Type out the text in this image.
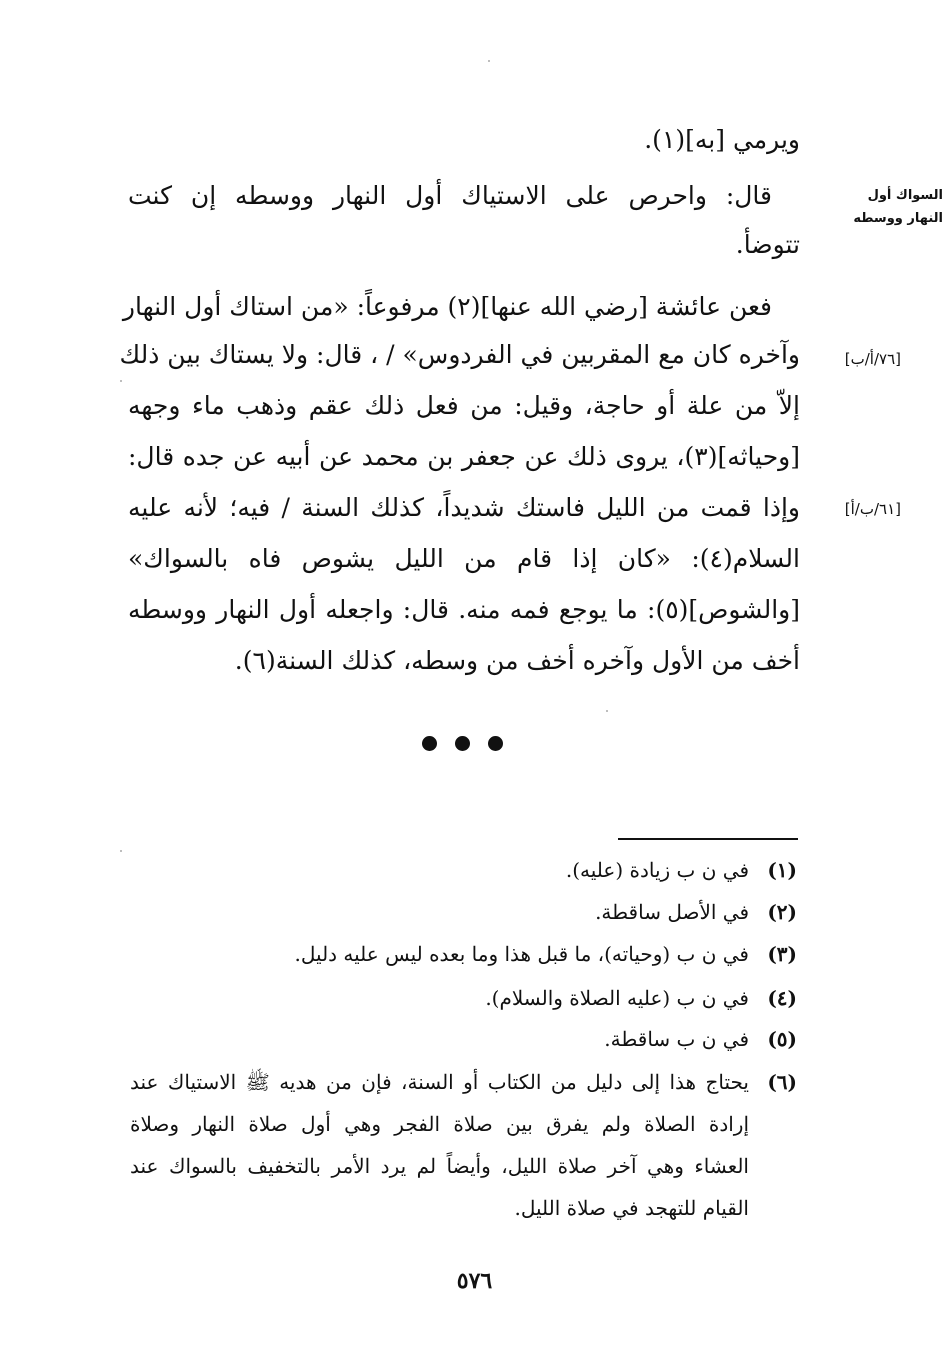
ويرمي [به](١).
قال: واحرص على الاستياك أول النهار ووسطه إن كنت
تتوضأ.
فعن عائشة [رضي الله عنها](٢) مرفوعاً: «من استاك أول النهار
وآخره كان مع المقربين في الفردوس» / ، قال: ولا يستاك بين ذلك
إلاّ من علة أو حاجة، وقيل: من فعل ذلك عقم وذهب ماء وجهه
[وحياثه](٣)، يروى ذلك عن جعفر بن محمد عن أبيه عن جده قال:
وإذا قمت من الليل فاستك شديداً، كذلك السنة / فيه؛ لأنه عليه
السلام(٤): «كان إذا قام من الليل يشوص فاه بالسواك»
[والشوص](٥): ما يوجع فمه منه. قال: واجعله أول النهار ووسطه
أخف من الأول وآخره أخف من وسطه، كذلك السنة(٦).
السواك أول
النهار ووسطه
[٧٦/أ/ب]
[٦١/ب/أ]
(١)
في ن ب زيادة (عليه).
(٢)
في الأصل ساقطة.
(٣)
في ن ب (وحياته)، ما قبل هذا وما بعده ليس عليه دليل.
(٤)
في ن ب (عليه الصلاة والسلام).
(٥)
في ن ب ساقطة.
(٦)
يحتاج هذا إلى دليل من الكتاب أو السنة، فإن من هديه ﷺ الاستياك عند
إرادة الصلاة ولم يفرق بين صلاة الفجر وهي أول صلاة النهار وصلاة
العشاء وهي آخر صلاة الليل، وأيضاً لم يرد الأمر بالتخفيف بالسواك عند
القيام للتهجد في صلاة الليل.
٥٧٦
